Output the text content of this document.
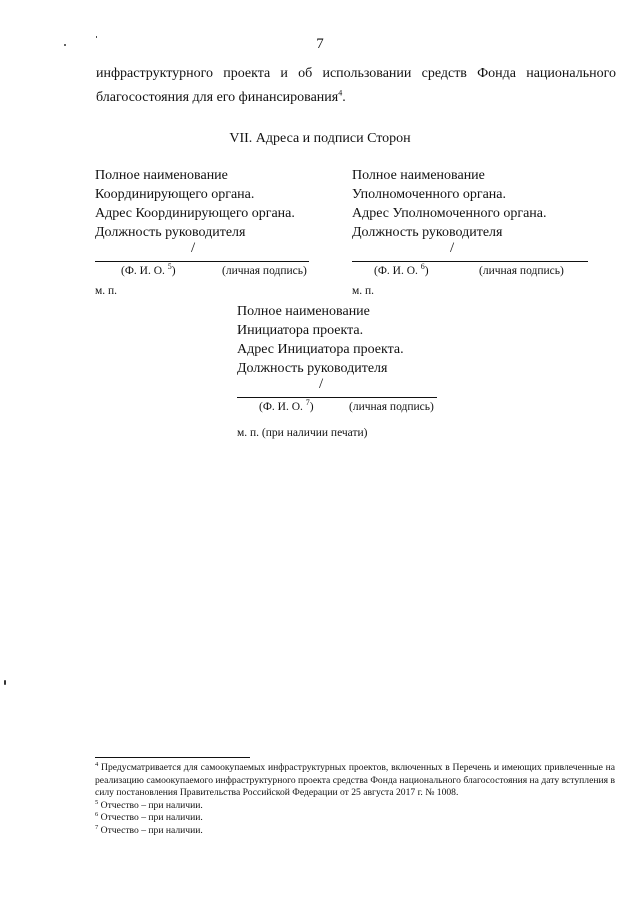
7
инфраструктурного проекта и об использовании средств Фонда национального благосостояния для его финансирования$^4$.
VII. Адреса и подписи Сторон
Полное наименование
Координирующего органа.
Адрес Координирующего органа.
Должность руководителя
/
(Ф. И. О. $^5$)	(личная подпись)
м. п.
Полное наименование
Уполномоченного органа.
Адрес Уполномоченного органа.
Должность руководителя
/
(Ф. И. О. $^6$)	(личная подпись)
м. п.
Полное наименование
Инициатора проекта.
Адрес Инициатора проекта.
Должность руководителя
/
(Ф. И. О. $^7$)	(личная подпись)
м. п. (при наличии печати)
$^4$ Предусматривается для самоокупаемых инфраструктурных проектов, включенных в Перечень и имеющих привлеченные на реализацию самоокупаемого инфраструктурного проекта средства Фонда национального благосостояния на дату вступления в силу постановления Правительства Российской Федерации от 25 августа 2017 г. № 1008.
$^5$ Отчество – при наличии.
$^6$ Отчество – при наличии.
$^7$ Отчество – при наличии.
